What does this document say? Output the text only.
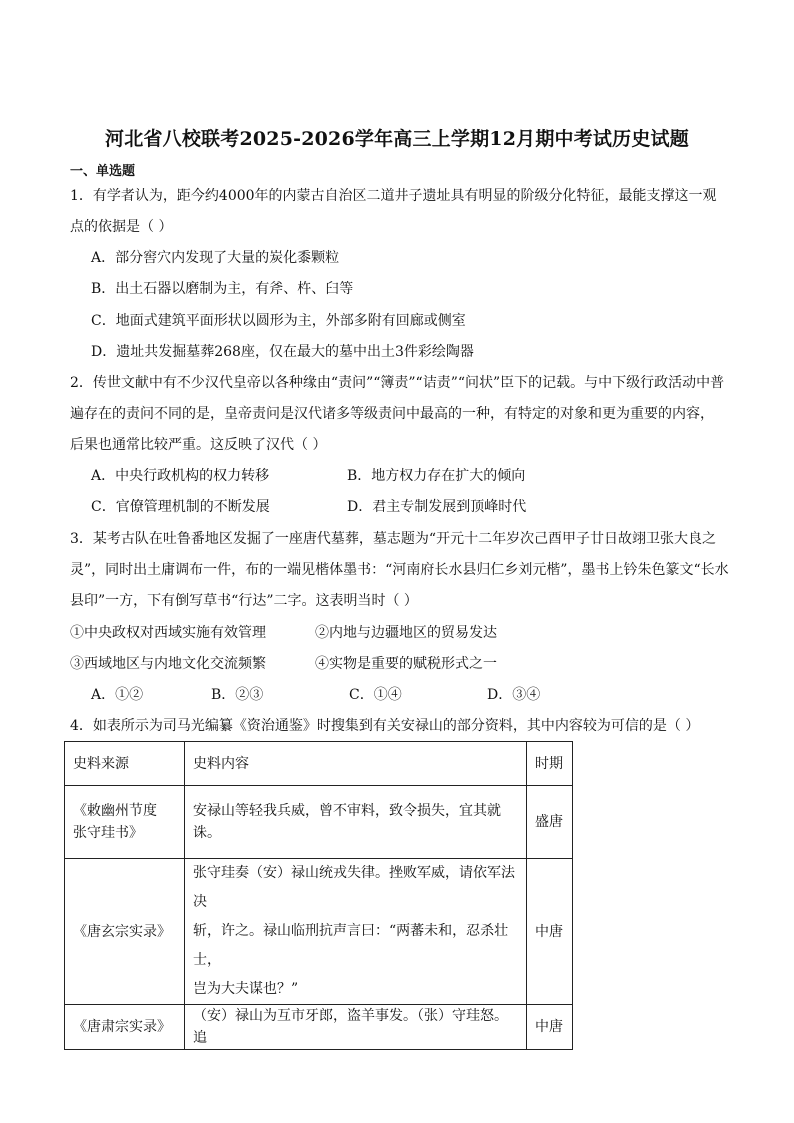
河北省八校联考2025-2026学年高三上学期12月期中考试历史试题
一、单选题
1．有学者认为，距今约4000年的内蒙古自治区二道井子遗址具有明显的阶级分化特征，最能支撑这一观
点的依据是（ ）
A．部分窖穴内发现了大量的炭化黍颗粒
B．出土石器以磨制为主，有斧、杵、臼等
C．地面式建筑平面形状以圆形为主，外部多附有回廊或侧室
D．遗址共发掘墓葬268座，仅在最大的墓中出土3件彩绘陶器
2．传世文献中有不少汉代皇帝以各种缘由“责问”“簿责”“诘责”“问状”臣下的记载。与中下级行政活动中普
遍存在的责问不同的是，皇帝责问是汉代诸多等级责问中最高的一种，有特定的对象和更为重要的内容，
后果也通常比较严重。这反映了汉代（ ）
A．中央行政机构的权力转移	B．地方权力存在扩大的倾向
C．官僚管理机制的不断发展	D．君主专制发展到顶峰时代
3．某考古队在吐鲁番地区发掘了一座唐代墓葬，墓志题为“开元十二年岁次己酉甲子廿日故翊卫张大良之
灵”，同时出土庸调布一件，布的一端见楷体墨书：“河南府长水县归仁乡刘元楷”，墨书上钤朱色篆文“长水
县印”一方，下有倒写草书“行达”二字。这表明当时（ ）
①中央政权对西域实施有效管理	②内地与边疆地区的贸易发达
③西域地区与内地文化交流频繁	④实物是重要的赋税形式之一
A．①②	B．②③	C．①④	D．③④
4．如表所示为司马光编纂《资治通鉴》时搜集到有关安禄山的部分资料，其中内容较为可信的是（ ）
史料来源	史料内容	时期

《敕幽州节度
张守珪书》	安禄山等轻我兵威，曾不审料，致令损失，宜其就诛。	盛唐
《唐玄宗实录》	张守珪奏（安）禄山统戎失律。挫败军威，请依军法决
斩，许之。禄山临刑抗声言曰：“两蕃未和，忍杀壮士，
岂为大夫谋也？”	中唐
《唐肃宗实录》	（安）禄山为互市牙郎，盗羊事发。（张）守珪怒。追	中唐
